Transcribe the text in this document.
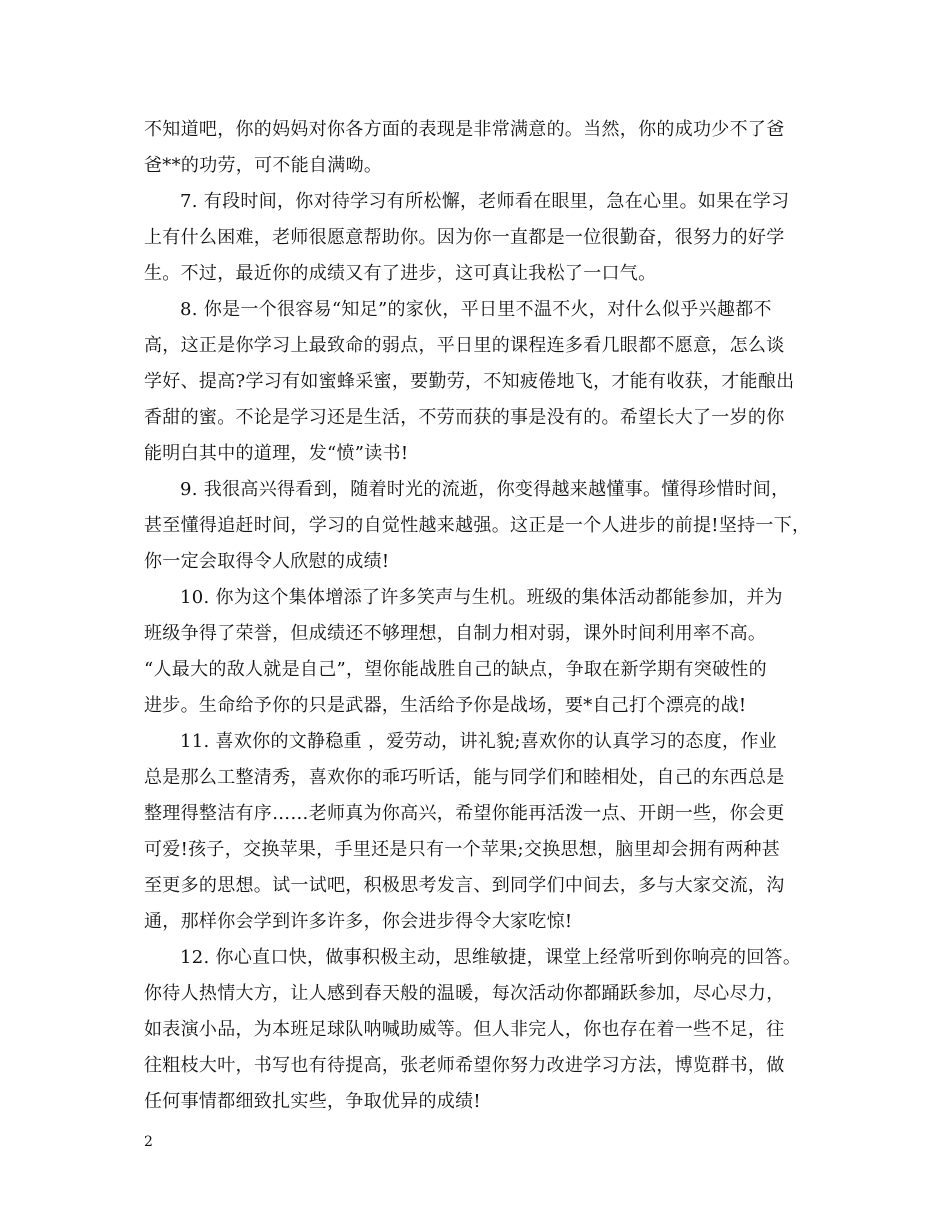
不知道吧，你的妈妈对你各方面的表现是非常满意的。当然，你的成功少不了爸
爸**的功劳，可不能自满呦。
7. 有段时间，你对待学习有所松懈，老师看在眼里，急在心里。如果在学习
上有什么困难，老师很愿意帮助你。因为你一直都是一位很勤奋，很努力的好学
生。不过，最近你的成绩又有了进步，这可真让我松了一口气。
8. 你是一个很容易“知足”的家伙，平日里不温不火，对什么似乎兴趣都不
高，这正是你学习上最致命的弱点，平日里的课程连多看几眼都不愿意，怎么谈
学好、提高?学习有如蜜蜂采蜜，要勤劳，不知疲倦地飞，才能有收获，才能酿出
香甜的蜜。不论是学习还是生活，不劳而获的事是没有的。希望长大了一岁的你
能明白其中的道理，发“愤”读书!
9. 我很高兴得看到，随着时光的流逝，你变得越来越懂事。懂得珍惜时间，
甚至懂得追赶时间，学习的自觉性越来越强。这正是一个人进步的前提!坚持一下，
你一定会取得令人欣慰的成绩!
10. 你为这个集体增添了许多笑声与生机。班级的集体活动都能参加，并为
班级争得了荣誉，但成绩还不够理想，自制力相对弱，课外时间利用率不高。
“人最大的敌人就是自己”，望你能战胜自己的缺点，争取在新学期有突破性的
进步。生命给予你的只是武器，生活给予你是战场，要*自己打个漂亮的战!
11. 喜欢你的文静稳重 ，爱劳动，讲礼貌;喜欢你的认真学习的态度，作业
总是那么工整清秀，喜欢你的乖巧听话，能与同学们和睦相处，自己的东西总是
整理得整洁有序……老师真为你高兴，希望你能再活泼一点、开朗一些，你会更
可爱!孩子，交换苹果，手里还是只有一个苹果;交换思想，脑里却会拥有两种甚
至更多的思想。试一试吧，积极思考发言、到同学们中间去，多与大家交流，沟
通，那样你会学到许多许多，你会进步得令大家吃惊!
12. 你心直口快，做事积极主动，思维敏捷，课堂上经常听到你响亮的回答。
你待人热情大方，让人感到春天般的温暖，每次活动你都踊跃参加，尽心尽力，
如表演小品，为本班足球队呐喊助威等。但人非完人，你也存在着一些不足，往
往粗枝大叶，书写也有待提高，张老师希望你努力改进学习方法，博览群书，做
任何事情都细致扎实些，争取优异的成绩!
2
